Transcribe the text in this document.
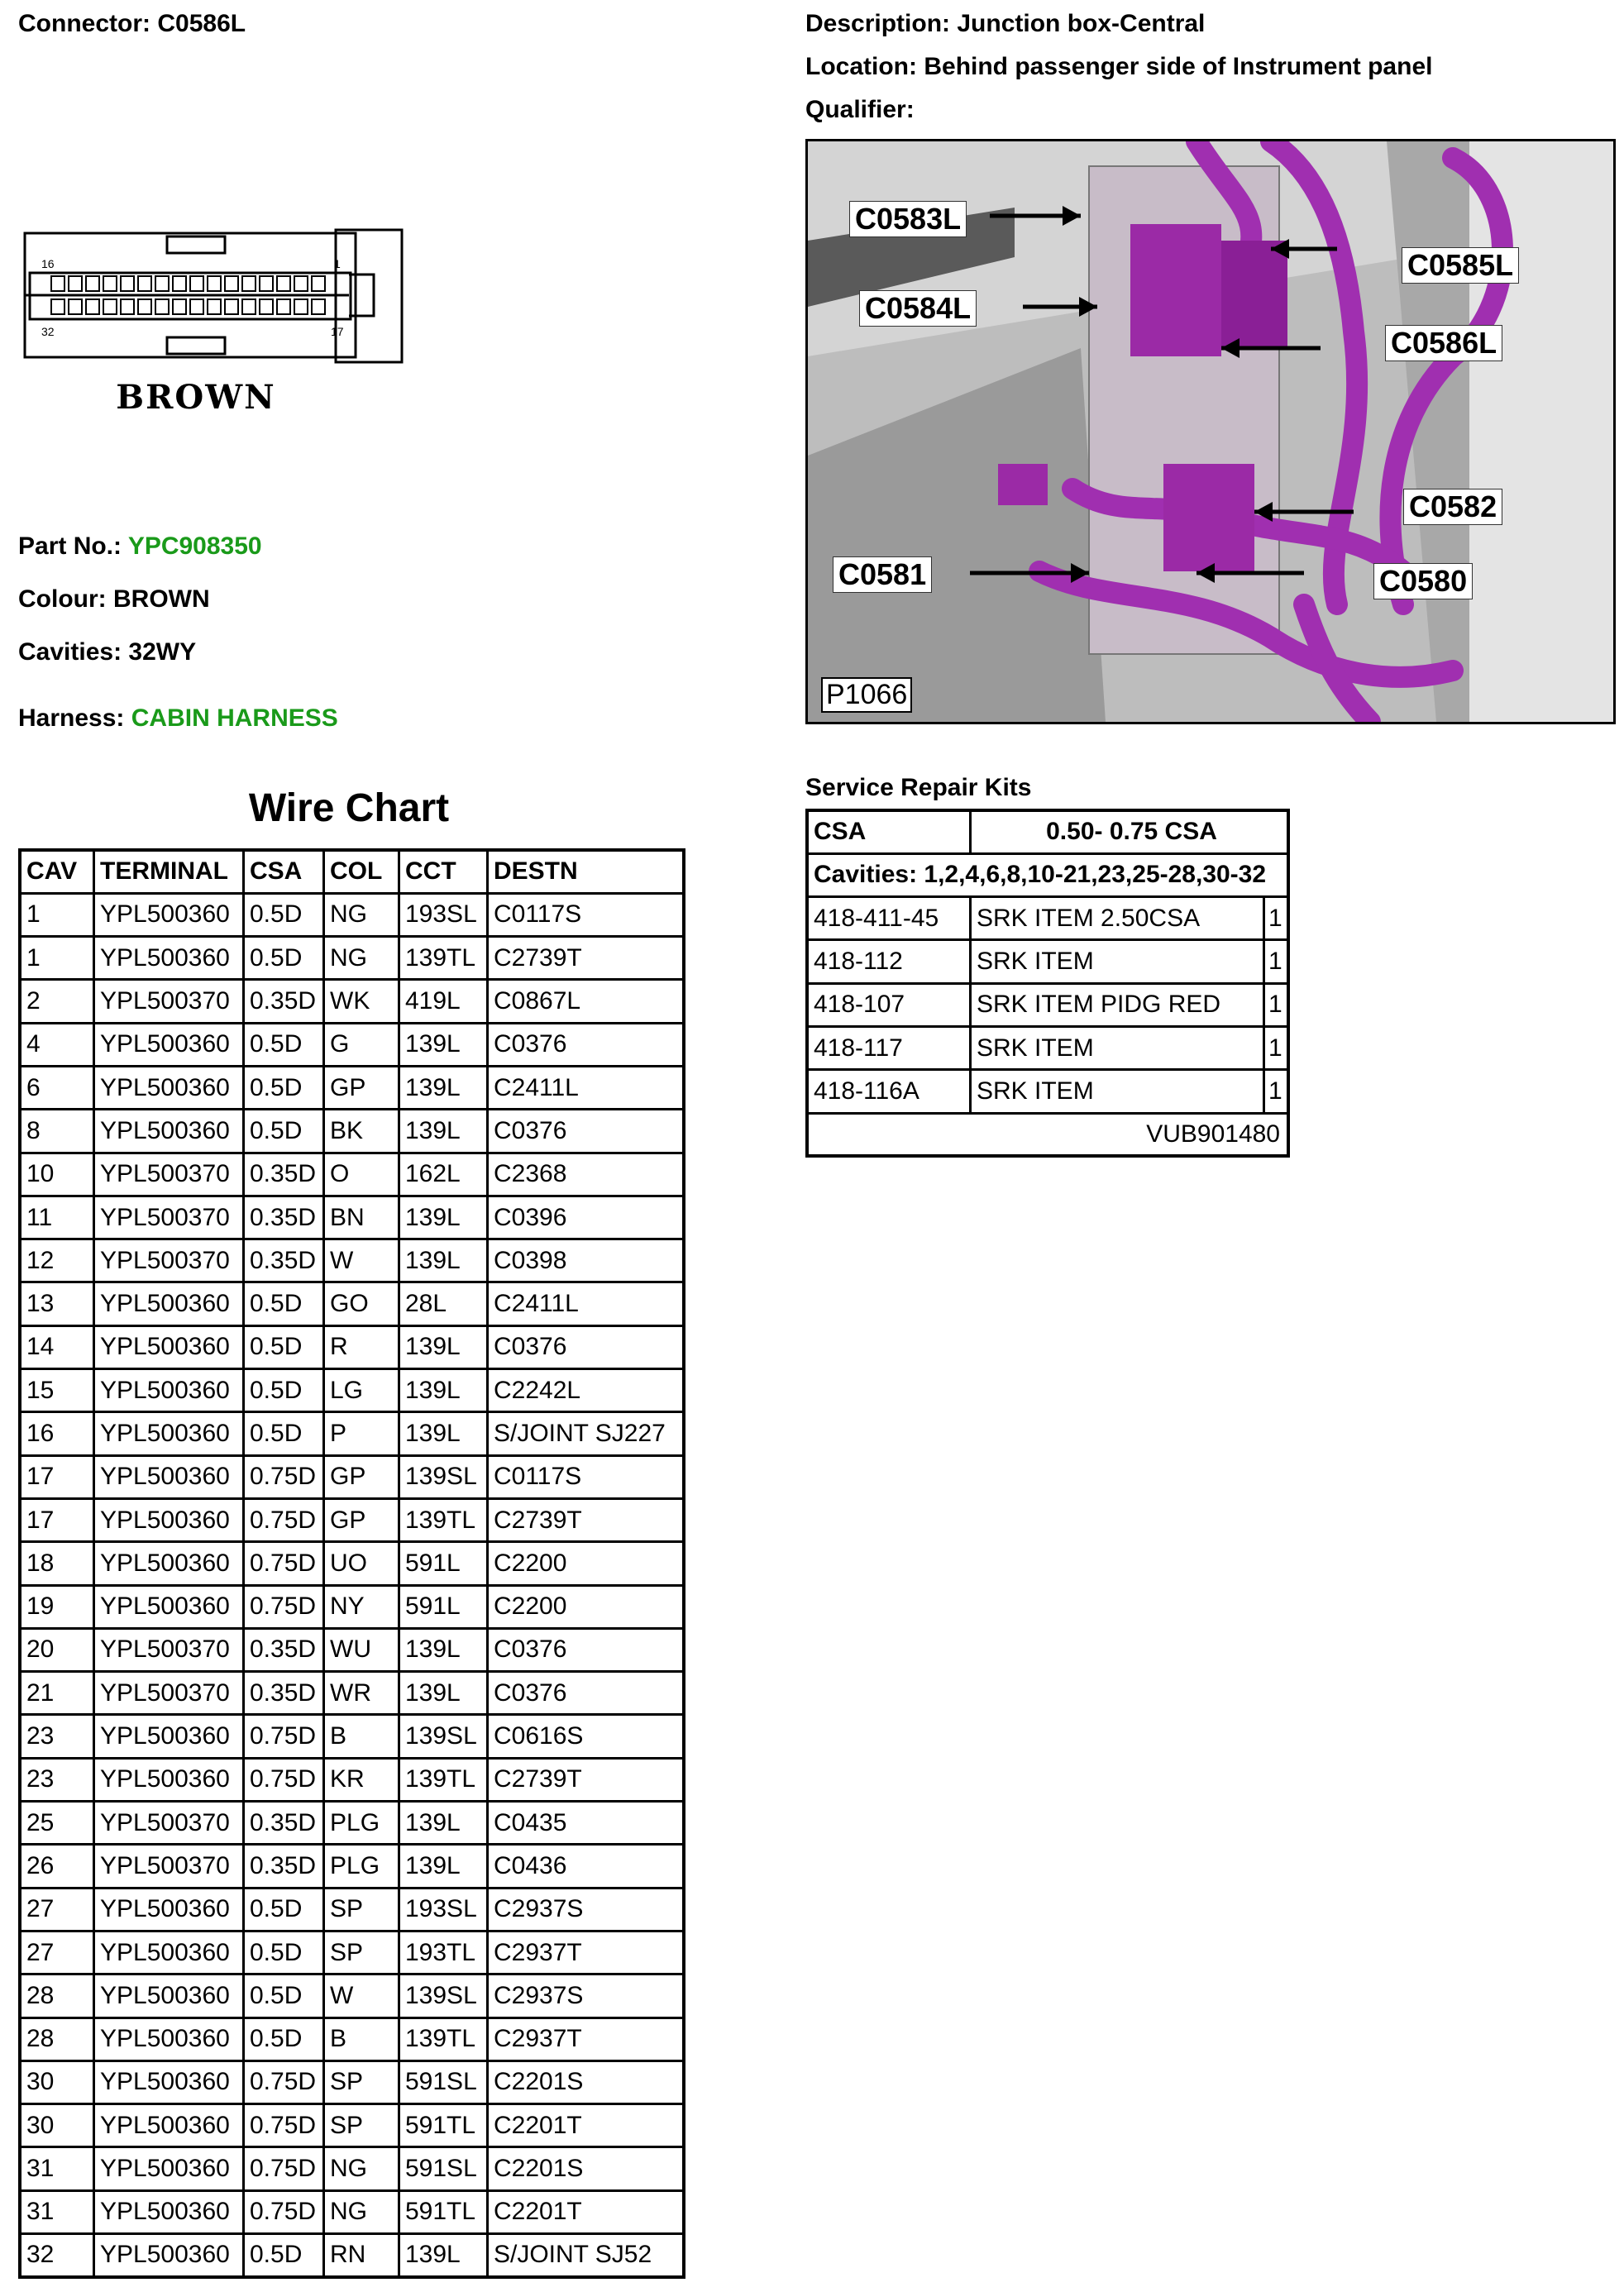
Connector: C0586L	Description: Junction box-Central
Location: Behind passenger side of Instrument panel
Qualifier:
16
32	17
1
BROWN
Part No.: YPC908350
Colour: BROWN
Cavities: 32WY
Harness: CABIN HARNESS
C0583L
C0585L
C0584L
C0586L
C0582
C0581	C0580
P1066
Wire Chart
CAV	TERMINAL	CSA	COL	CCT	DESTN
1	YPL500360	0.5D	NG	193SL	C0117S
1	YPL500360	0.5D	NG	139TL	C2739T
2	YPL500370	0.35D	WK	419L	C0867L
4	YPL500360	0.5D	G	139L	C0376
6	YPL500360	0.5D	GP	139L	C2411L
8	YPL500360	0.5D	BK	139L	C0376
10	YPL500370	0.35D	O	162L	C2368
11	YPL500370	0.35D	BN	139L	C0396
12	YPL500370	0.35D	W	139L	C0398
13	YPL500360	0.5D	GO	28L	C2411L
14	YPL500360	0.5D	R	139L	C0376
15	YPL500360	0.5D	LG	139L	C2242L
16	YPL500360	0.5D	P	139L	S/JOINT SJ227
17	YPL500360	0.75D	GP	139SL	C0117S
17	YPL500360	0.75D	GP	139TL	C2739T
18	YPL500360	0.75D	UO	591L	C2200
19	YPL500360	0.75D	NY	591L	C2200
20	YPL500370	0.35D	WU	139L	C0376
21	YPL500370	0.35D	WR	139L	C0376
23	YPL500360	0.75D	B	139SL	C0616S
23	YPL500360	0.75D	KR	139TL	C2739T
25	YPL500370	0.35D	PLG	139L	C0435
26	YPL500370	0.35D	PLG	139L	C0436
27	YPL500360	0.5D	SP	193SL	C2937S
27	YPL500360	0.5D	SP	193TL	C2937T
28	YPL500360	0.5D	W	139SL	C2937S
28	YPL500360	0.5D	B	139TL	C2937T
30	YPL500360	0.75D	SP	591SL	C2201S
30	YPL500360	0.75D	SP	591TL	C2201T
31	YPL500360	0.75D	NG	591SL	C2201S
31	YPL500360	0.75D	NG	591TL	C2201T
32	YPL500360	0.5D	RN	139L	S/JOINT SJ52
Service Repair Kits
CSA	0.50- 0.75 CSA	
Cavities: 1,2,4,6,8,10-21,23,25-28,30-32		
418-411-45	SRK ITEM 2.50CSA	1
418-112	SRK ITEM	1
418-107	SRK ITEM PIDG RED	1
418-117	SRK ITEM	1
418-116A	SRK ITEM	1
VUB901480		
